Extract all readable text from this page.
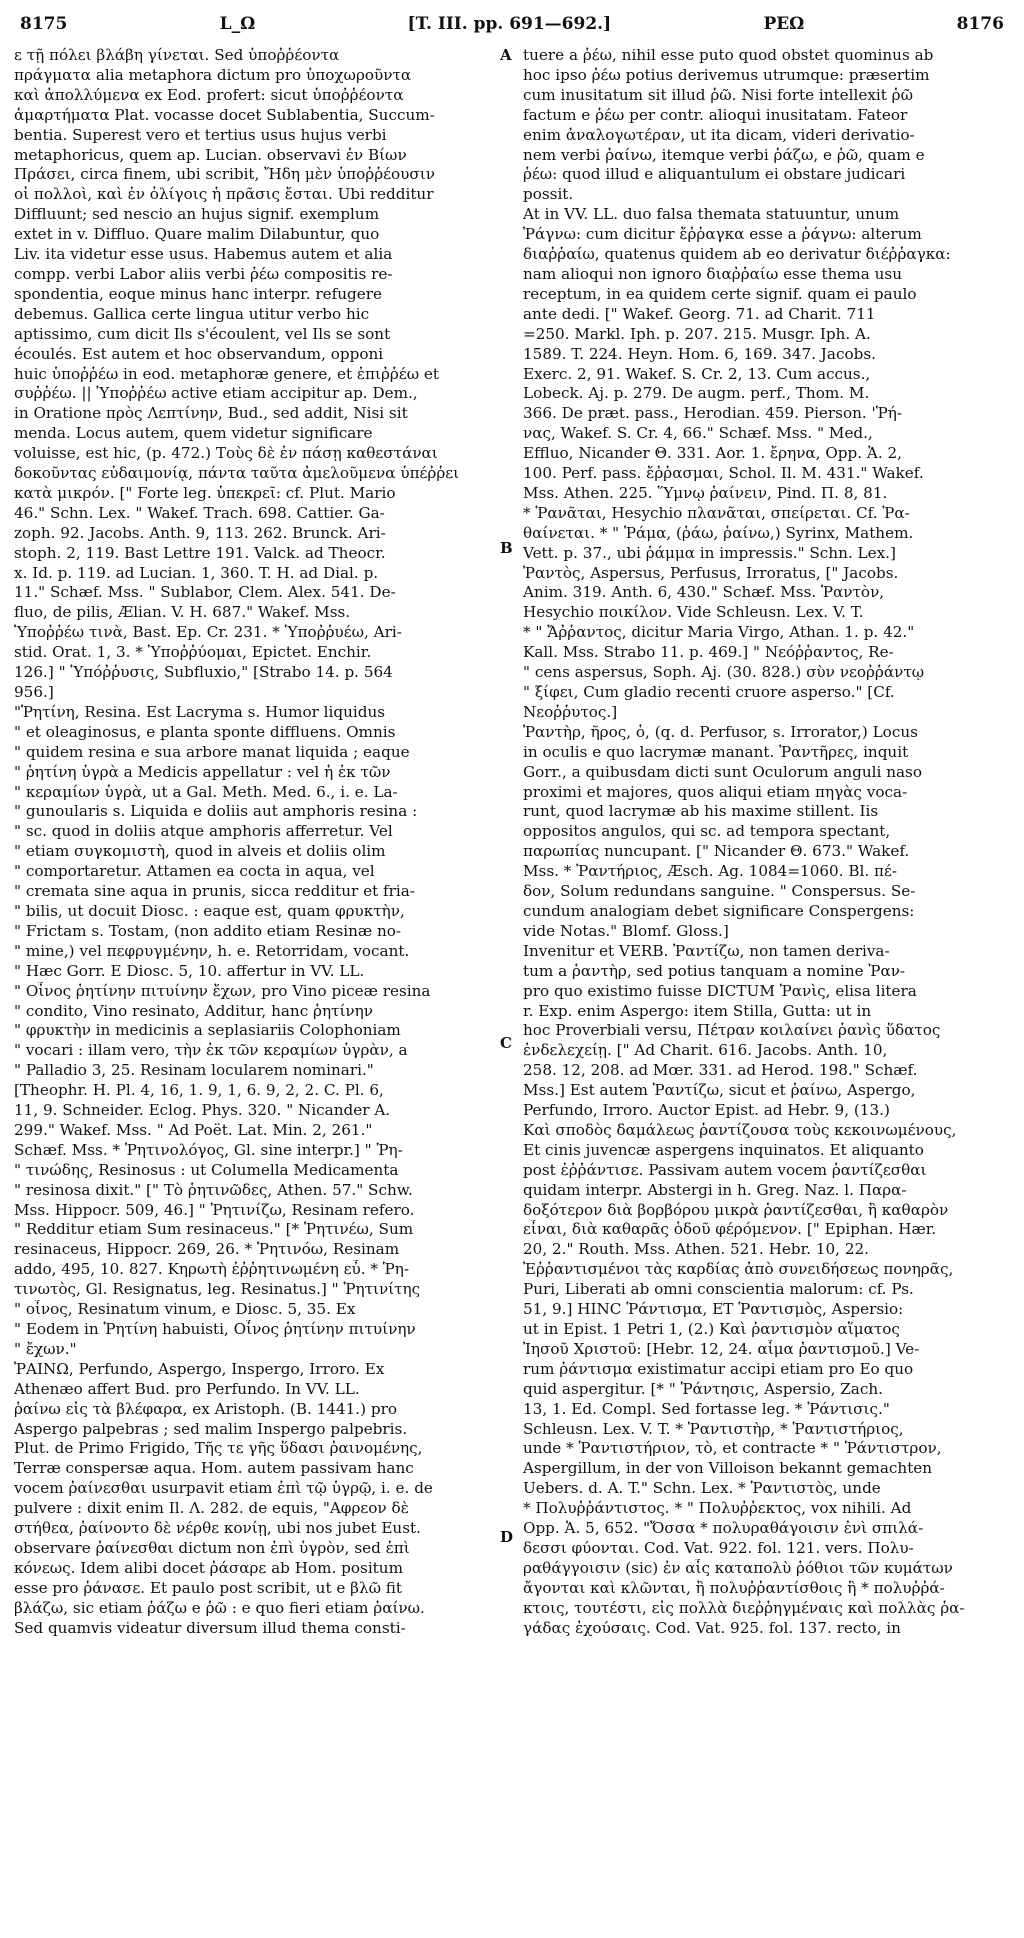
8175	L_Ω	[T. III. pp. 691—692.]	ΡΕΩ	8176
ε τῇ πόλει βλάβη γίνεται. Sed ὑποῤῥέοντα
πράγματα alia metaphora dictum pro ὑποχωροῦντα
καὶ ἀπολλύμενα ex Eod. profert: sicut ὑποῤῥέοντα
ἁμαρτήματα Plat. vocasse docet Sublabentia, Succum-
bentia. Superest vero et tertius usus hujus verbi
metaphoricus, quem ap. Lucian. observavi ἐν Βίων
Πράσει, circa finem, ubi scribit, Ἤδη μὲν ὑποῤῥέουσιν
οἱ πολλοὶ, καὶ ἐν ὀλίγοις ἡ πρᾶσις ἔσται. Ubi redditur
Diffluunt; sed nescio an hujus signif. exemplum
extet in v. Diffluo. Quare malim Dilabuntur, quo
Liv. ita videtur esse usus. Habemus autem et alia
compp. verbi Labor aliis verbi ῥέω compositis re-
spondentia, eoque minus hanc interpr. refugere
debemus. Gallica certe lingua utitur verbo hic
aptissimo, cum dicit Ils s'écoulent, vel Ils se sont
écoulés. Est autem et hoc observandum, opponi
huic ὑποῤῥέω in eod. metaphoræ genere, et ἐπιῤῥέω et
συῤῥέω. || Ὑποῤῥέω active etiam accipitur ap. Dem.,
in Oratione πρὸς Λεπτίνην, Bud., sed addit, Nisi sit
menda. Locus autem, quem videtur significare
voluisse, est hic, (p. 472.) Τοὺς δὲ ἐν πάσῃ καθεστάναι
δοκοῦντας εὐδαιμονίᾳ, πάντα ταῦτα ἀμελοῦμενα ὑπέῤῥει
κατὰ μικρόν. [" Forte leg. ὑπεκρεῖ: cf. Plut. Mario
46." Schn. Lex. " Wakef. Trach. 698. Cattier. Ga-
zoph. 92. Jacobs. Anth. 9, 113. 262. Brunck. Ari-
stoph. 2, 119. Bast Lettre 191. Valck. ad Theocr.
x. Id. p. 119. ad Lucian. 1, 360. T. H. ad Dial. p.
11." Schæf. Mss. " Sublabor, Clem. Alex. 541. De-
fluo, de pilis, Ælian. V. H. 687." Wakef. Mss.
Ὑποῤῥέω τινὰ, Bast. Ep. Cr. 231. * Ὑποῤῥυέω, Ari-
stid. Orat. 1, 3. * Ὑποῤῥύομαι, Epictet. Enchir.
126.] " Ὑπόῤῥυσις, Subfluxio," [Strabo 14. p. 564
956.]
"Ῥητίνη, Resina. Est Lacryma s. Humor liquidus
" et oleaginosus, e planta sponte diffluens. Omnis
" quidem resina e sua arbore manat liquida ; eaque
" ῥητίνη ὑγρὰ a Medicis appellatur : vel ἡ ἐκ τῶν
" κεραμίων ὑγρὰ, ut a Gal. Meth. Med. 6., i. e. La-
" gunoularis s. Liquida e doliis aut amphoris resina :
" sc. quod in doliis atque amphoris afferretur. Vel
" etiam συγκομιστὴ, quod in alveis et doliis olim
" comportaretur. Attamen ea cocta in aqua, vel
" cremata sine aqua in prunis, sicca redditur et fria-
" bilis, ut docuit Diosc. : eaque est, quam φρυκτὴν,
" Frictam s. Tostam, (non addito etiam Resinæ no-
" mine,) vel πεφρυγμένην, h. e. Retorridam, vocant.
" Hæc Gorr. E Diosc. 5, 10. affertur in VV. LL.
" Οἶνος ῥητίνην πιτυίνην ἔχων, pro Vino piceæ resina
" condito, Vino resinato, Additur, hanc ῥητίνην
" φρυκτὴν in medicinis a seplasiariis Colophoniam
" vocari : illam vero, τὴν ἐκ τῶν κεραμίων ὑγρὰν, a
" Palladio 3, 25. Resinam locularem nominari."
[Theophr. H. Pl. 4, 16, 1. 9, 1, 6. 9, 2, 2. C. Pl. 6,
11, 9. Schneider. Eclog. Phys. 320. " Nicander A.
299." Wakef. Mss. " Ad Poët. Lat. Min. 2, 261."
Schæf. Mss. * Ῥητινολόγος, Gl. sine interpr.] " Ῥη-
" τινώδης, Resinosus : ut Columella Medicamenta
" resinosa dixit." [" Τὸ ῥητινῶδες, Athen. 57." Schw.
Mss. Hippocr. 509, 46.] " Ῥητινίζω, Resinam refero.
" Redditur etiam Sum resinaceus." [* Ῥητινέω, Sum
resinaceus, Hippocr. 269, 26. * Ῥητινόω, Resinam
addo, 495, 10. 827. Κηρωτὴ ἐῤῥητινωμένη εὖ. * Ῥη-
τινωτὸς, Gl. Resignatus, leg. Resinatus.] " Ῥητινίτης
" οἶνος, Resinatum vinum, e Diosc. 5, 35. Ex
" Eodem in Ῥητίνη habuisti, Οἶνος ῥητίνην πιτυίνην
" ἔχων."
ῬΑΙΝΩ, Perfundo, Aspergo, Inspergo, Irroro. Ex
Athenæo affert Bud. pro Perfundo. In VV. LL.
ῥαίνω εἰς τὰ βλέφαρα, ex Aristoph. (B. 1441.) pro
Aspergo palpebras ; sed malim Inspergo palpebris.
Plut. de Primo Frigido, Τῆς τε γῆς ὕδασι ῥαινομένης,
Terræ conspersæ aqua. Hom. autem passivam hanc
vocem ῥαίνεσθαι usurpavit etiam ἐπὶ τῷ ὑγρῷ, i. e. de
pulvere : dixit enim Il. Λ. 282. de equis, "Αφρεον δὲ
στήθεα, ῥαίνοντο δὲ νέρθε κονίῃ, ubi nos jubet Eust.
observare ῥαίνεσθαι dictum non ἐπὶ ὑγρὸν, sed ἐπὶ
κόνεως. Idem alibi docet ῥάσαρε ab Hom. positum
esse pro ῥάνασε. Et paulo post scribit, ut e βλῶ fit
βλάζω, sic etiam ῥάζω e ῥῶ : e quo fieri etiam ῥαίνω.
Sed quamvis videatur diversum illud thema consti-
tuere a ῥέω, nihil esse puto quod obstet quominus ab
hoc ipso ῥέω potius derivemus utrumque: præsertim
cum inusitatum sit illud ῥῶ. Nisi forte intellexit ῥῶ
factum e ῥέω per contr. alioqui inusitatam. Fateor
enim ἀναλογωτέραν, ut ita dicam, videri derivatio-
nem verbi ῥαίνω, itemque verbi ῥάζω, e ῥῶ, quam e
ῥέω: quod illud e aliquantulum ei obstare judicari
possit.
At in VV. LL. duo falsa themata statuuntur, unum
Ῥάγνω: cum dicitur ἔῤῥαγκα esse a ῥάγνω: alterum
διαῤῥαίω, quatenus quidem ab eo derivatur διέῤῥαγκα:
nam alioqui non ignoro διαῤῥαίω esse thema usu
receptum, in ea quidem certe signif. quam ei paulo
ante dedi. [" Wakef. Georg. 71. ad Charit. 711
=250. Markl. Iph. p. 207. 215. Musgr. Iph. A.
1589. T. 224. Heyn. Hom. 6, 169. 347. Jacobs.
Exerc. 2, 91. Wakef. S. Cr. 2, 13. Cum accus.,
Lobeck. Aj. p. 279. De augm. perf., Thom. M.
366. De præt. pass., Herodian. 459. Pierson. 'Ῥή-
νας, Wakef. S. Cr. 4, 66." Schæf. Mss. " Med.,
Effluo, Nicander Θ. 331. Aor. 1. ἔρηνα, Opp. Ἁ. 2,
100. Perf. pass. ἔῤῥασμαι, Schol. Il. M. 431." Wakef.
Mss. Athen. 225. Ὕμνῳ ῥαίνειν, Pind. Π. 8, 81.
* Ῥανᾶται, Hesychio πλανᾶται, σπείρεται. Cf. Ῥα-
θαίνεται. * " Ῥάμα, (ῥάω, ῥαίνω,) Syrinx, Mathem.
Vett. p. 37., ubi ῥάμμα in impressis." Schn. Lex.]
Ῥαντὸς, Aspersus, Perfusus, Irroratus, [" Jacobs.
Anim. 319. Anth. 6, 430." Schæf. Mss. Ῥαντὸν,
Hesychio ποικίλον. Vide Schleusn. Lex. V. T.
* " Ἄῤῥαντος, dicitur Maria Virgo, Athan. 1. p. 42."
Kall. Mss. Strabo 11. p. 469.] " Νεόῤῥαντος, Re-
" cens aspersus, Soph. Aj. (30. 828.) σὺν νεοῤῥάντῳ
" ξίφει, Cum gladio recenti cruore asperso." [Cf.
Νεοῤῥυτος.]
Ῥαντὴρ, ῆρος, ὁ, (q. d. Perfusor, s. Irrorator,) Locus
in oculis e quo lacrymæ manant. Ῥαντῆρες, inquit
Gorr., a quibusdam dicti sunt Oculorum anguli naso
proximi et majores, quos aliqui etiam πηγὰς voca-
runt, quod lacrymæ ab his maxime stillent. Iis
oppositos angulos, qui sc. ad tempora spectant,
παρωπίας nuncupant. [" Nicander Θ. 673." Wakef.
Mss. * Ῥαντήριος, Æsch. Ag. 1084=1060. Bl. πέ-
δον, Solum redundans sanguine. " Conspersus. Se-
cundum analogiam debet significare Conspergens:
vide Notas." Blomf. Gloss.]
Invenitur et VERB. Ῥαντίζω, non tamen deriva-
tum a ῥαντὴρ, sed potius tanquam a nomine Ῥαν-
pro quo existimo fuisse DICTUM Ῥανὶς, elisa litera
r. Exp. enim Aspergo: item Stilla, Gutta: ut in
hoc Proverbiali versu, Πέτραν κοιλαίνει ῥανὶς ὕδατος
ἐνδελεχείῃ. [" Ad Charit. 616. Jacobs. Anth. 10,
258. 12, 208. ad Mœr. 331. ad Herod. 198." Schæf.
Mss.] Est autem Ῥαντίζω, sicut et ῥαίνω, Aspergo,
Perfundo, Irroro. Auctor Epist. ad Hebr. 9, (13.)
Καὶ σποδὸς δαμάλεως ῥαντίζουσα τοὺς κεκοινωμένους,
Et cinis juvencæ aspergens inquinatos. Et aliquanto
post ἐῤῥάντισε. Passivam autem vocem ῥαντίζεσθαι
quidam interpr. Abstergi in h. Greg. Naz. l. Παρα-
δοξότερον διὰ βορβόρου μικρὰ ῥαντίζεσθαι, ἢ καθαρὸν
εἶναι, διὰ καθαρᾶς ὁδοῦ φέρόμενον. [" Epiphan. Hær.
20, 2." Routh. Mss. Athen. 521. Hebr. 10, 22.
Ἐῤῥαντισμένοι τὰς καρδίας ἀπὸ συνειδήσεως πονηρᾶς,
Puri, Liberati ab omni conscientia malorum: cf. Ps.
51, 9.] HINC Ῥάντισμα, ET Ῥαντισμὸς, Aspersio:
ut in Epist. 1 Petri 1, (2.) Καὶ ῥαντισμὸν αἵματος
Ἰησοῦ Χριστοῦ: [Hebr. 12, 24. αἷμα ῥαντισμοῦ.] Ve-
rum ῥάντισμα existimatur accipi etiam pro Eo quo
quid aspergitur. [* " Ῥάντησις, Aspersio, Zach.
13, 1. Ed. Compl. Sed fortasse leg. * Ῥάντισις."
Schleusn. Lex. V. T. * Ῥαντιστὴρ, * Ῥαντιστήριος,
unde * Ῥαντιστήριον, τὸ, et contracte * " Ῥάντιστρον,
Aspergillum, in der von Villoison bekannt gemachten
Uebers. d. A. T." Schn. Lex. * Ῥαντιστὸς, unde
* Πολυῤῥάντιστος. * " Πολυῤῥεκτος, vox nihili. Ad
Opp. Ἁ. 5, 652. "Ὄσσα * πολυραθάγοισιν ἐνὶ σπιλά-
δεσσι φύονται. Cod. Vat. 922. fol. 121. vers. Πολυ-
ραθάγγοισιν (sic) ἐν αἷς καταπολὺ ῥόθιοι τῶν κυμάτων
ἄγονται καὶ κλῶνται, ἢ πολυῤῥαντίσθοις ἢ * πολυῤῥά-
κτοις, τουτέστι, εἰς πολλὰ διεῤῥηγμέναις καὶ πολλὰς ῥα-
γάδας ἐχούσαις. Cod. Vat. 925. fol. 137. recto, in
A
B
C
D
